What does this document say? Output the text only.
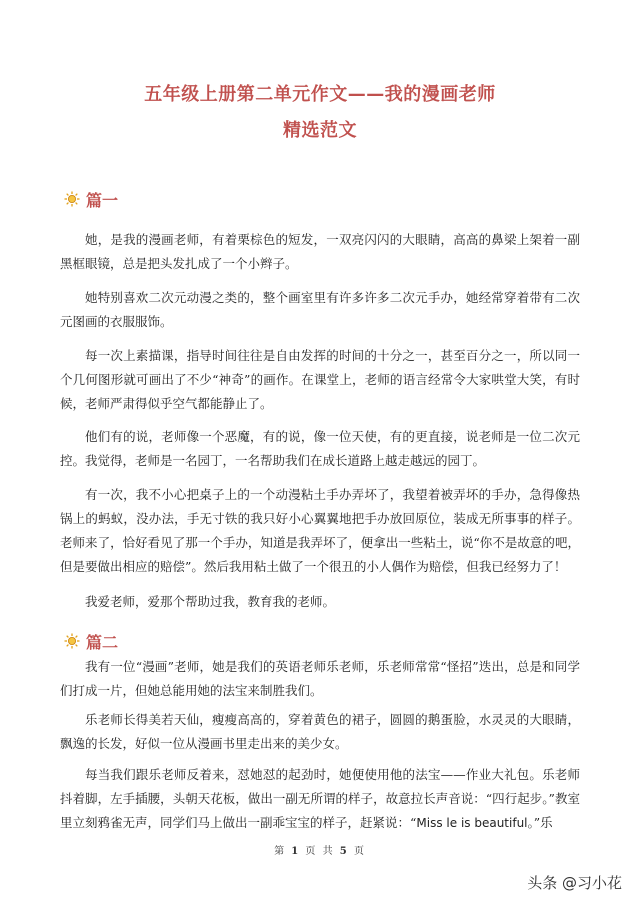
五年级上册第二单元作文——我的漫画老师
精选范文
篇一

她，是我的漫画老师，有着栗棕色的短发，一双亮闪闪的大眼睛，高高的鼻梁上架着一副黑框眼镜，总是把头发扎成了一个小辫子。

她特别喜欢二次元动漫之类的，整个画室里有许多许多二次元手办，她经常穿着带有二次元图画的衣服服饰。

每一次上素描课，指导时间往往是自由发挥的时间的十分之一，甚至百分之一，所以同一个几何图形就可画出了不少“神奇”的画作。在课堂上，老师的语言经常令大家哄堂大笑，有时候，老师严肃得似乎空气都能静止了。

他们有的说，老师像一个恶魔，有的说，像一位天使，有的更直接，说老师是一位二次元控。我觉得，老师是一名园丁，一名帮助我们在成长道路上越走越远的园丁。

有一次，我不小心把桌子上的一个动漫粘土手办弄坏了，我望着被弄坏的手办，急得像热锅上的蚂蚁，没办法，手无寸铁的我只好小心翼翼地把手办放回原位，装成无所事事的样子。老师来了，恰好看见了那一个手办，知道是我弄坏了，便拿出一些粘土，说“你不是故意的吧，但是要做出相应的赔偿”。然后我用粘土做了一个很丑的小人偶作为赔偿，但我已经努力了！

我爱老师，爱那个帮助过我，教育我的老师。

篇二

我有一位“漫画”老师，她是我们的英语老师乐老师，乐老师常常“怪招”迭出，总是和同学们打成一片，但她总能用她的法宝来制胜我们。

乐老师长得美若天仙，瘦瘦高高的，穿着黄色的裙子，圆圆的鹅蛋脸，水灵灵的大眼睛，飘逸的长发，好似一位从漫画书里走出来的美少女。

每当我们跟乐老师反着来，怼她怼的起劲时，她便使用他的法宝——作业大礼包。乐老师抖着脚，左手插腰，头朝天花板，做出一副无所谓的样子，故意拉长声音说：“四行起步。”教室里立刻鸦雀无声，同学们马上做出一副乖宝宝的样子，赶紧说：“Miss le is beautiful。”乐

第 1 页 共 5 页
头条 @习小花
